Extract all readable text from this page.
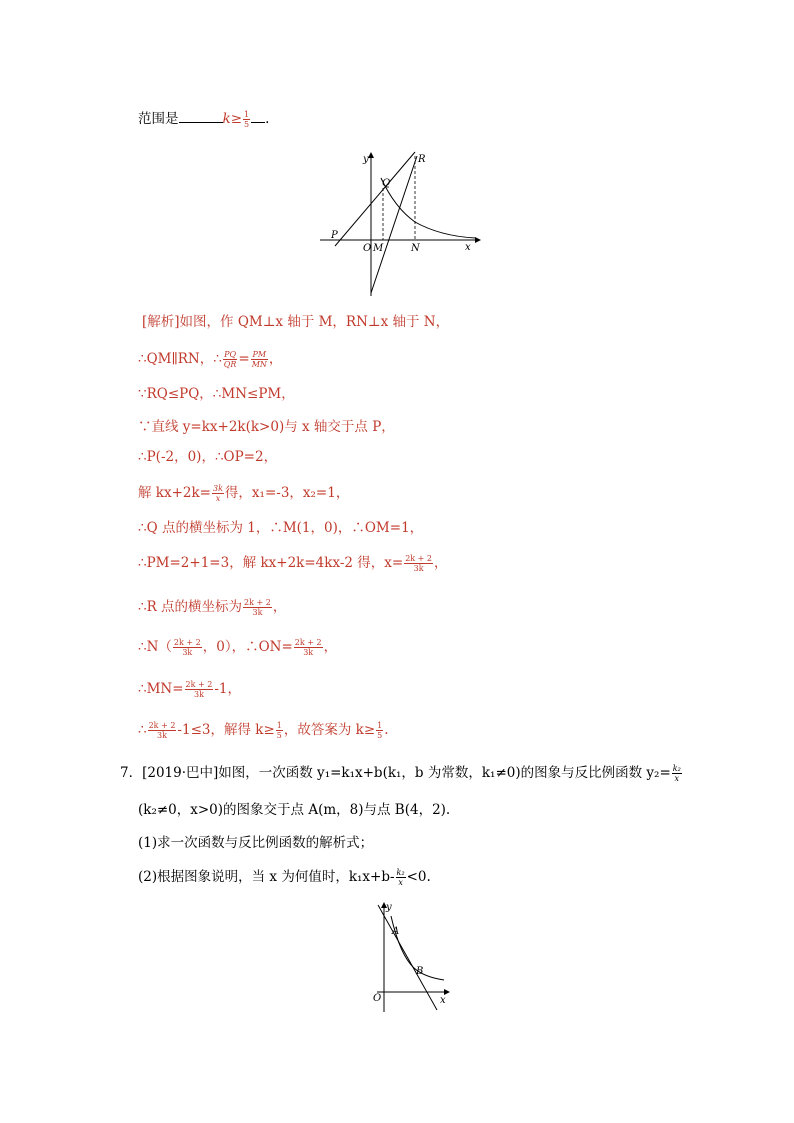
范围是	$k\ge \frac{1}{5}$ .
y
x
O M	N
P
Q
R
[解析]如图，作 QM⊥x 轴于 M，RN⊥x 轴于 N，
∴QM∥RN，∴ $\frac{PQ}{QR} = \frac{PM}{MN}$ ，
∵RQ≤PQ，∴MN≤PM，
∵直线 y=kx+2k(k>0)与 x 轴交于点 P，
∴P(-2，0)，∴OP=2，
解 $kx+2k= \frac{3k}{x}$ 得，x₁=-3，x₂=1，
∴Q 点的横坐标为 1，∴M(1，0)，∴OM=1，
∴PM=2+1=3，解 kx+2k=4kx-2 得，$x= \frac{2k + 2}{3k}$ ，
∴R 点的横坐标为 $\frac{2k + 2}{3k}$ ，
∴N（ $\frac{2k + 2}{3k}$ ，0），∴ON= $\frac{2k + 2}{3k}$ ，
∴MN= $\frac{2k + 2}{3k} -1$，
∴ $\frac{2k + 2}{3k} -1\le 3$，解得 $k\ge \frac{1}{5}$ ，故答案为 $k\ge \frac{1}{5}$ .
7．[2019·巴中]如图，一次函数 y₁=k₁x+b(k₁，b 为常数，k₁≠0)的图象与反比例函数 $y_2= \frac{\text{k₂}}{x}$
(k₂≠0，x>0)的图象交于点 A(m，8)与点 B(4，2).
(1)求一次函数与反比例函数的解析式；
(2)根据图象说明，当 x 为何值时，$k_1x+b- \frac{\text{k₂}}{x} <0$.
y
x
O
A
B
